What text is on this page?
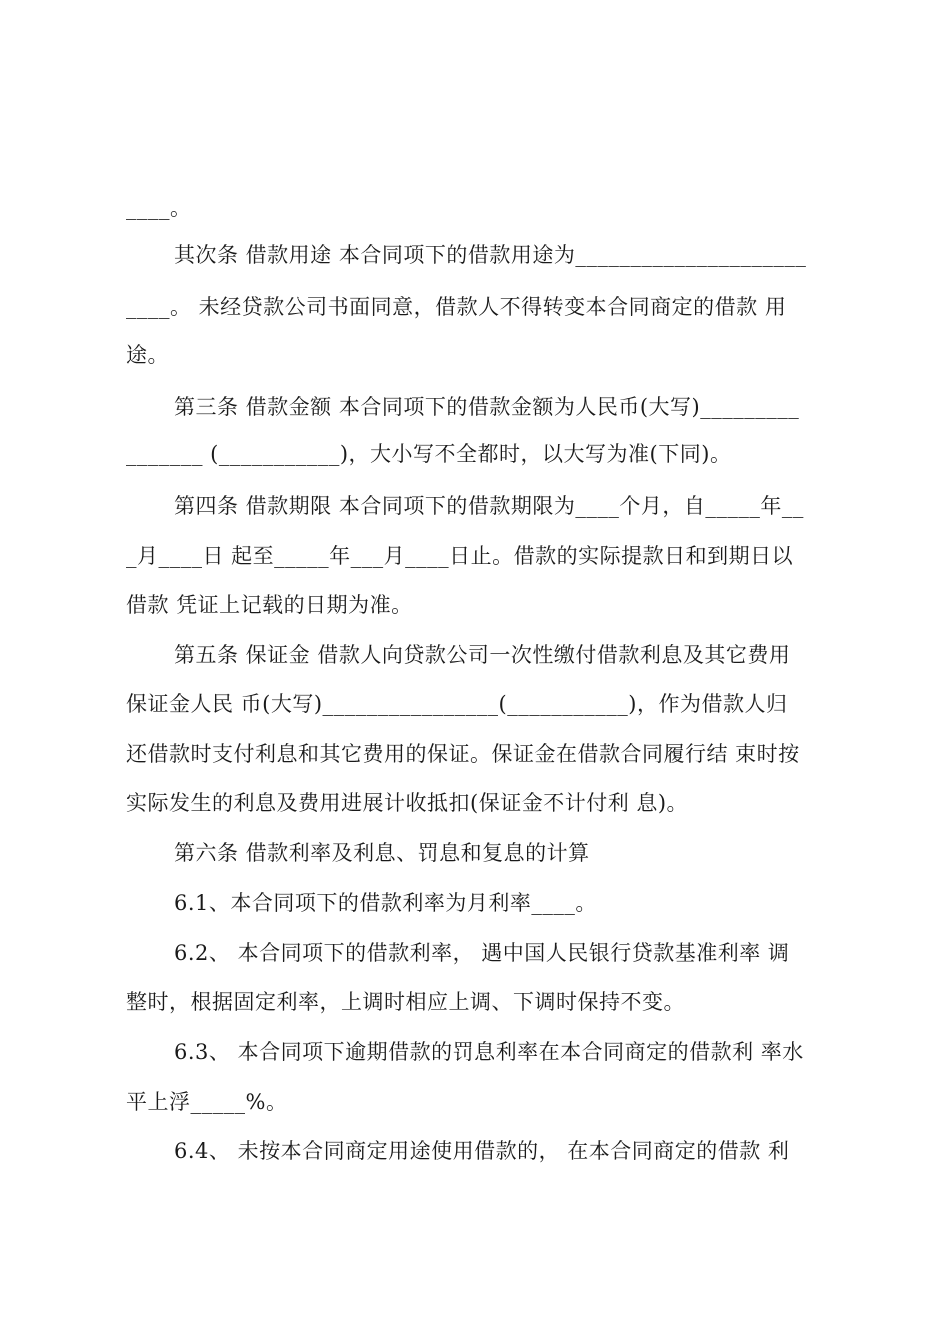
____。
其次条 借款用途 本合同项下的借款用途为_____________________
____。 未经贷款公司书面同意，借款人不得转变本合同商定的借款 用
途。
第三条 借款金额 本合同项下的借款金额为人民币(大写)_________
_______ (___________)，大小写不全都时，以大写为准(下同)。
第四条 借款期限 本合同项下的借款期限为____个月，自_____年__
_月____日 起至_____年___月____日止。借款的实际提款日和到期日以
借款 凭证上记载的日期为准。
第五条 保证金 借款人向贷款公司一次性缴付借款利息及其它费用
保证金人民 币(大写)________________(___________)，作为借款人归
还借款时支付利息和其它费用的保证。保证金在借款合同履行结 束时按
实际发生的利息及费用进展计收抵扣(保证金不计付利 息)。
第六条 借款利率及利息、罚息和复息的计算
6.1、本合同项下的借款利率为月利率____。
6.2、 本合同项下的借款利率， 遇中国人民银行贷款基准利率 调
整时，根据固定利率，上调时相应上调、下调时保持不变。
6.3、 本合同项下逾期借款的罚息利率在本合同商定的借款利 率水
平上浮_____%。
6.4、 未按本合同商定用途使用借款的， 在本合同商定的借款 利
